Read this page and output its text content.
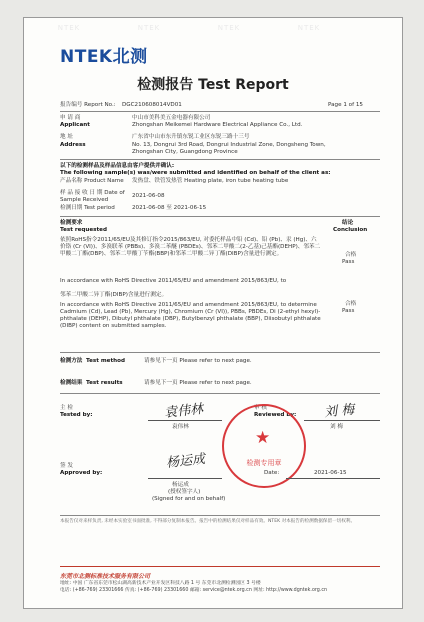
NTEK	NTEK	NTEK	NTEK
NTEK北测
检测报告 Test Report
报告编号 Report No.: DGC210608014VD01	Page 1 of 15
申 请 商
Applicant
中山市美科美五金电器有限公司
Zhongshan Meikemei Hardware Electrical Appliance Co., Ltd.
地 址
Address
广东省中山市东升镇东锐工业区东锐三路十三号
No. 13, Dongrui 3rd Road, Dongrui Industrial Zone, Dongsheng Town,
Zhongshan City, Guangdong Province
以下的检测样品及样品信息由客户提供并确认:
The following sample(s) was/were submitted and identified on behalf of the client as:
产品名称 Product Name 发热盘、铁管发热管 Heating plate, iron tube heating tube
样 品 接 收 日 期 Date of
Sample Received
2021-06-08
检测日期 Test period	2021-06-08 至 2021-06-15
检测要求
Test requested
结论
Conclusion
依照RoHS指令2011/65/EU及其修订指令2015/863/EU, 对委托样品中铅 (Cd)、铅 (Pb)、汞 (Hg)、六价铬 (Cr (VI))、多溴联苯 (PBBs)、多溴二苯醚 (PBDEs)、邻苯二甲酸二(2-乙基)己基酯(DEHP)、邻苯二甲酸二丁酯(DBP)、邻苯二甲酸丁苄酯(BBP)和邻苯二甲酸二异丁酯(DIBP)含量进行测定。	合格
Pass
In accordance with RoHS Directive 2011/65/EU and amendment 2015/863/EU, to
邻苯二甲酸二异丁酯(DIBP)含量进行测定。
合格
Pass
In accordance with RoHS Directive 2011/65/EU and amendment 2015/863/EU, to determine Cadmium (Cd), Lead (Pb), Mercury (Hg), Chromium (Cr (VI)), PBBs, PBDEs, Di (2-ethyl hexyl)-phthalate (DEHP), Dibutyl phthalate (DBP), Butylbenzyl phthalate (BBP), Diisobutyl phthalate (DIBP) content on submitted samples.
检测方法 Test method	请参见下一页 Please refer to next page.
检测结果 Test results	请参见下一页 Please refer to next page.
主 检
Tested by:	袁伟林
袁伟林
审 核
Reviewed by: 刘 梅
刘 梅
★
检测专用章
签 发
Approved by:
杨运成
杨运成
(授权签字人)
(Signed for and on behalf)
Date:	2021-06-15
本报告仅对来样负责, 未经本实验室书面批准, 不得部分复制本报告。报告中的检测结果仅对样品有效。NTEK 对本报告的检测数据保留一切权利。
东莞市北测标准技术服务有限公司
地址: 中国 广东省东莞市松山湖高新技术产业开发区科技八路 1 号 东莞市北测检测园区 3 号楼
电话: (+86-769) 23301666 传真: (+86-769) 23301660 邮箱: service@ntek.org.cn 网址: http://www.dgntek.org.cn
